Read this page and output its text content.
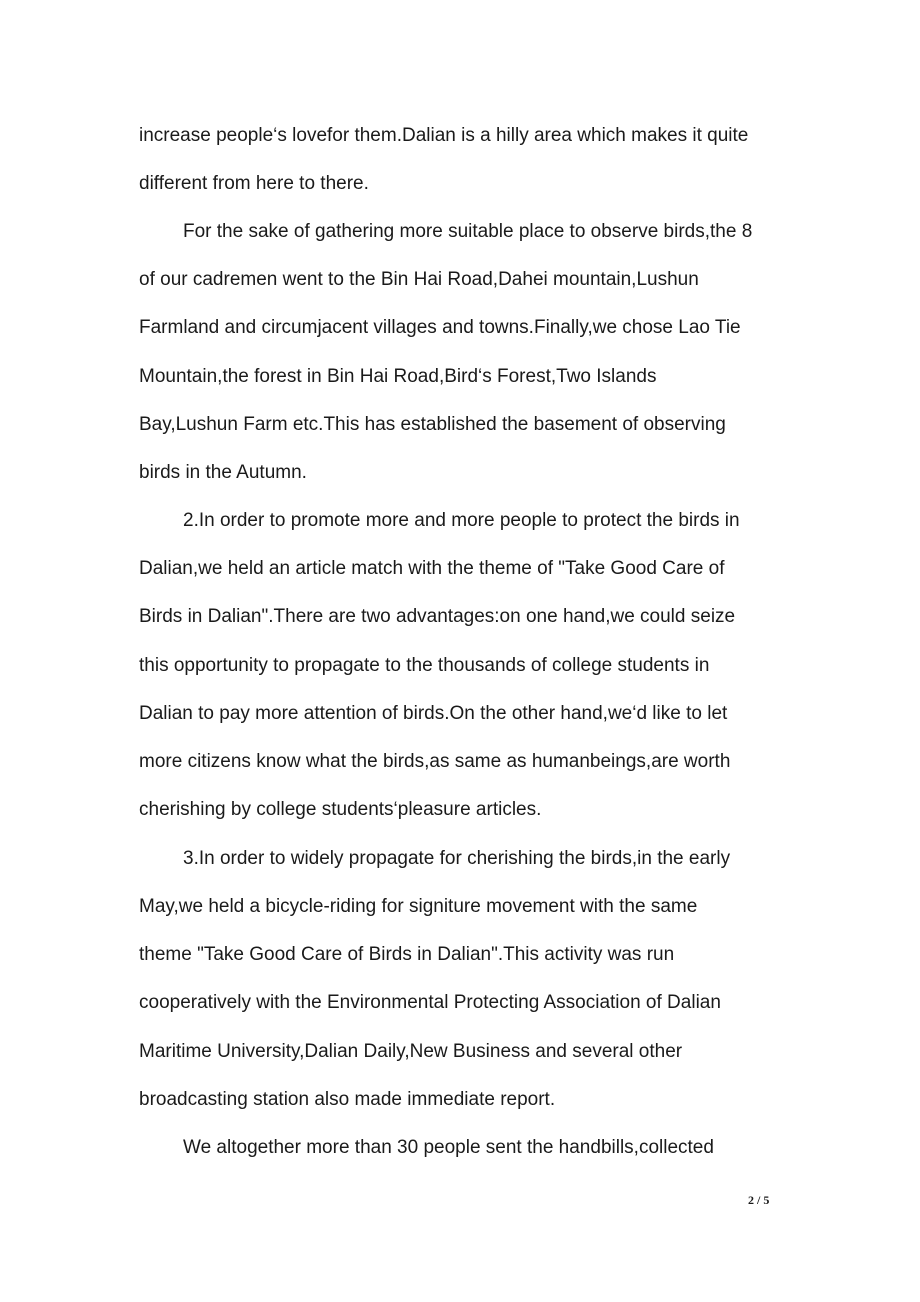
increase people‘s lovefor them.Dalian is a hilly area which makes it quite
different from here to there.
For the sake of gathering more suitable place to observe birds,the 8
of our cadremen went to the Bin Hai Road,Dahei mountain,Lushun
Farmland and circumjacent villages and towns.Finally,we chose Lao Tie
Mountain,the forest in Bin Hai Road,Bird‘s Forest,Two Islands
Bay,Lushun Farm etc.This has established the basement of observing
birds in the Autumn.
2.In order to promote more and more people to protect the birds in
Dalian,we held an article match with the theme of "Take Good Care of
Birds in Dalian".There are two advantages:on one hand,we could seize
this opportunity to propagate to the thousands of college students in
Dalian to pay more attention of birds.On the other hand,we‘d like to let
more citizens know what the birds,as same as humanbeings,are worth
cherishing by college students‘pleasure articles.
3.In order to widely propagate for cherishing the birds,in the early
May,we held a bicycle-riding for signiture movement with the same
theme "Take Good Care of Birds in Dalian".This activity was run
cooperatively with the Environmental Protecting Association of Dalian
Maritime University,Dalian Daily,New Business and several other
broadcasting station also made immediate report.
We altogether more than 30 people sent the handbills,collected
2 / 5
